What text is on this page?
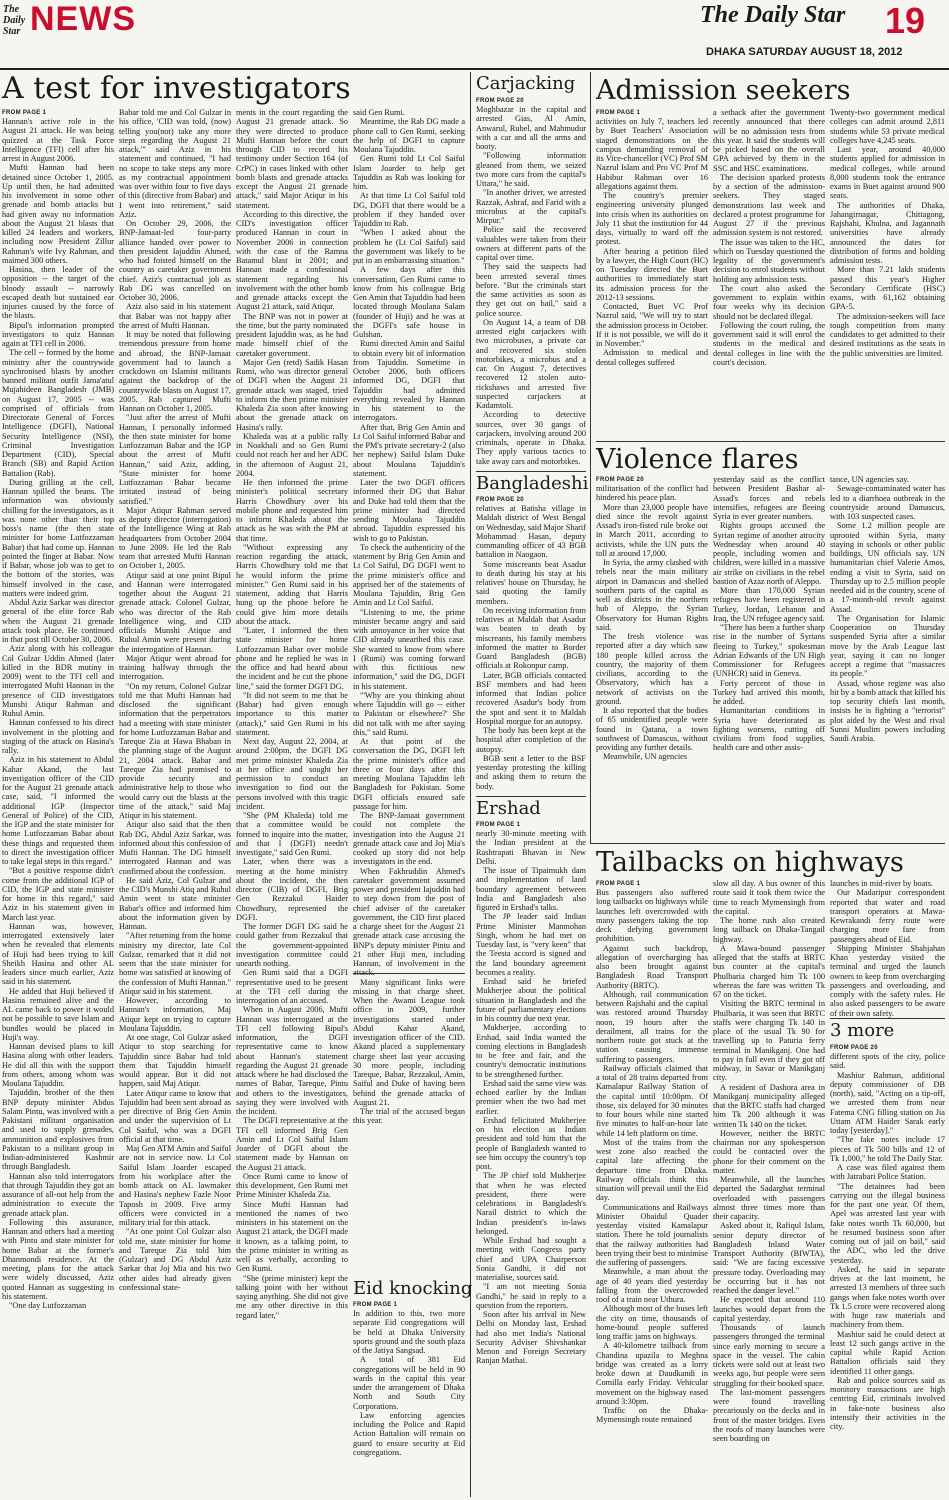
The Daily Star NEWS	The Daily Star
DHAKA SATURDAY AUGUST 18, 2012
19
A test for investigators
FROM PAGE 1

Hannan's active role in the August 21 attack. He was being quizzed at the Task Force Intelligence (TFI) cell after his arrest in August 2006.

Mufti Hannan had been detained since October 1, 2005. Up until then, he had admitted his involvement in some other grenade and bomb attacks but had given away no information about the August 21 blasts that killed 24 leaders and workers, including now President Zillur Rahman's wife Ivy Rahman, and maimed 300 others.

Hasina, then leader of the opposition -- the target of the bloody assault -- narrowly escaped death but sustained ear injuries caused by the force of the blasts.

Bipul's information prompted investigators to quiz Hannan again at TFI cell in 2006.

The cell -- formed by the home ministry after the countrywide synchronised blasts by another banned militant outfit Jama'atul Mujahideen Bangladesh (JMB) on August 17, 2005 -- was comprised of officials from Directorate General of Forces Intelligence (DGFI), National Security Intelligence (NSI), Criminal Investigation Department (CID), Special Branch (SB) and Rapid Action Battalion (Rab).

During grilling at the cell, Hannan spilled the beans. The information was obviously chilling for the investigators, as it was none other than their top boss's name (the then state minister for home Lutfozzaman Babar) that had come up. Hannan pointed the finger at Babar. Now if Babar, whose job was to get to the bottom of the stories, was himself involved in the case, matters were indeed grim.

Abdul Aziz Sarkar was director general of the elite force Rab when the August 21 grenade attack took place. He continued in that post till October 30, 2006.

Aziz along with his colleague Col Gulzar Uddin Ahmed (later killed in the BDR mutiny in 2009) went to the TFI cell and interrogated Mufti Hannan in the presence of CID investigators Munshi Atiqur Rahman and Ruhul Amin.

Hannan confessed to his direct involvement in the plotting and staging of the attack on Hasina's rally.

Aziz in his statement to Abdul Kahar Akand, the last investigation officer of the CID for the August 21 grenade attack case, said, "I informed the additional IGP (Inspector General of Police) of the CID, the IGP and the state minister for home Lutfozzaman Babar about these things and requested them to direct the investigation officer to take legal steps in this regard."

"But a positive response didn't come from the additional IGP of CID, the IGP and state minister for home in this regard," said Aziz in his statement given in March last year.

Hannan was, however, interrogated extensively later when he revealed that elements of Huji had been trying to kill Sheikh Hasina and other AL leaders since much earlier, Aziz said in his statement.

He added that Huji believed if Hasina remained alive and the AL came back to power it would not be possible to save Islam and bundles would be placed in Huji's way.

Hannan devised plans to kill Hasina along with other leaders. He did all this with the support from others, among whom was Moulana Tajuddin.

Tajuddin, brother of the then BNP deputy minister Abdus Salam Pintu, was involved with a Pakistani militant organisation and used to supply grenades, ammunition and explosives from Pakistan to a militant group in Indian-administered Kashmir through Bangladesh.

Hannan also told interrogators that through Tajuddin they got an assurance of all-out help from the administration to execute the grenade attack plan.

Following this assurance, Hannan and others had a meeting with Pintu and state minister for home Babar at the former's Dhanmondi residence. At the meeting, plans for the attack were widely discussed, Aziz quoted Hannan as suggesting in his statement.

"One day Lutfozzaman

Babar told me and Col Gulzar in his office, 'CID was told, (now) telling you(not) take any more steps regarding the August 21 attack,'" said Aziz in his statement and continued, "I had no scope to take steps any more as my contractual appointment was over within four to five days of this (directive from Babar) and I went into retirement," said Aziz.

On October 29, 2006, the BNP-Jamaat-led four-party alliance handed over power to then president Iajuddin Ahmed, who had foisted himself on the country as caretaker government chief. Aziz's contractual job as Rab DG was cancelled on October 30, 2006.

Aziz also said in his statement that Babar was not happy after the arrest of Mufti Hannan.

It may be noted that following tremendous pressure from home and abroad, the BNP-Jamaat government had to launch a crackdown on Islamist militants against the backdrop of the countrywide blasts on August 17, 2005. Rab captured Mufti Hannan on October 1, 2005.

"Just after the arrest of Mufti Hannan, I personally informed the then state minister for home Lutfozzaman Babar and the IGP about the arrest of Mufti Hannan," said Aziz, adding, "State minister for home Lutfozzaman Babar became irritated instead of being satisfied."

Major Atiqur Rahman served as deputy director (interrogation) of the Intelligence Wing at Rab headquarters from October 2004 to June 2009. He led the Rab team that arrested Mufti Hannan on October 1, 2005.

Atiqur said at one point Bipul and Hannan were interrogated together about the August 21 grenade attack. Colonel Gulzar, who was director of the Rab Intelligence wing, and CID officials Munshi Atique and Ruhul Amin were present during the interrogation of Hannan.

Major Atiqur went abroad for training halfway through the interrogation.

"On my return, Colonel Gulzar told me that Mufti Hannan had disclosed the significant information that the perpetrators had a meeting with state minister for home Lutfozzaman Babar and Tareque Zia at Hawa Bhaban in the planning stage of the August 21, 2004 attack. Babar and Tareque Zia had promised to provide security and administrative help to those who would carry out the blasts at the time of the attack," said Maj Atiqur in his statement.

Atiqur also said that the then Rab DG, Abdul Aziz Sarkar, was informed about this confession of Mufti Hannan. The DG himself interrogated Hannan and was confirmed about the confession.

He said Aziz, Col Gulzar and the CID's Munshi Atiq and Ruhul Amin went to state minister Babar's office and informed him about the information given by Hannan.

"After returning from the home ministry my director, late Col Gulzar, remarked that it did not seem that the state minister for home was satisfied at knowing of the confession of Mufti Hannan." Atiqur said in his statement.

However, according to Hannan's information, Maj Atiqur kept on trying to capture Moulana Tajuddin.

At one stage, Col Gulzar asked Atiqur to stop searching for Tajuddin since Babar had told them that Tajuddin himself would appear. But it did not happen, said Maj Atiqur.

Later Atiqur came to know that Tajuddin had been sent abroad as per directive of Brig Gen Amin and under the supervision of Lt Col Saiful, who was a DGFI official at that time.

Maj Gen ATM Amin and Saiful are not in service now. Lt Col Saiful Islam Joarder escaped from his workplace after the bomb attack on AL lawmaker and Hasina's nephew Fazle Noor Taposh in 2009. Five army officers were convicted in a military trial for this attack.

"At one point Col Gulzar also told me, state minister for home and Tareque Zia told him (Gulzar) and DG Abdul Aziz Sarkar that Joj Mia and his two other aides had already given confessional state-

ments in the court regarding the August 21 grenade attack. So they were directed to produce Mufti Hannan before the court through CID to record his testimony under Section 164 (of CrPC) in cases linked with other bomb blasts and grenade attacks except the August 21 grenade attack," said Major Atiqur in his statement.

According to this directive, the CID's investigation officer produced Hannan in court in November 2006 in connection with the case of the Ramna Batamul blast in 2001; and Hannan made a confessional statement regarding his involvement with the other bomb and grenade attacks except the August 21 attack, said Atiqur.

The BNP was not in power at the time, but the party nominated president Iajuddin was, as he had made himself chief of the caretaker government.

Major Gen (retd) Sadik Hasan Rumi, who was director general of DGFI when the August 21 grenade attack was staged, tried to inform the then prime minister Khaleda Zia soon after knowing about the grenade attack on Hasina's rally.

Khaleda was at a public rally in Noakhali and so Gen Rumi could not reach her and her ADC in the afternoon of August 21, 2004.

He then informed the prime minister's political secretary Harris Chowdhury over his mobile phone and requested him to inform Khaleda about the attack as he was with the PM at that time.

"Without expressing any reaction regarding the attack, Harris Chowdhury told me that he would inform the prime minister." Gen Rumi said in his statement, adding that Harris hung up the phone before he could give him more details about the attack.

"Later, I informed the then state minister for home Lutfozzaman Babar over mobile phone and he replied he was in the office and had heard about the incident and he cut the phone line," said the former DGFI DG.

"It did not seem to me that he (Babar) had given enough importance to this matter (attack)," said Gen Rumi in his statement.

Next day, August 22, 2004, at around 2:00pm, the DGFI DG met prime minister Khaleda Zia at her office and sought her permission to conduct an investigation to find out the persons involved with this tragic incident.

"She (PM Khaleda) told me that a committee would be formed to inquire into the matter, and that I (DGFI) needn't investigate," said Gen Rumi.

Later, when there was a meeting at the home ministry about the incident, the then director (CIB) of DGFI, Brig Gen Rezzakul Haider Chowdhury, represented the DGFI.

The former DGFI DG said he could gather from Rezzakul that the government-appointed investigation committee could unearth nothing.

Gen Rumi said that a DGFI representative used to be present at the TFI cell during the interrogation of an accused.

When in August 2006, Mufti Hannan was interrogated at the TFI cell following Bipul's information, the DGFI representative came to know about Hannan's statement regarding the August 21 grenade attack where he had disclosed the names of Babar, Tareque, Pintu and others to the investigators, saying they were involved with the incident.

The DGFI representative at the TFI cell informed Brig Gen Amin and Lt Col Saiful Islam Joarder of DGFI about the statement made by Hannan on the August 21 attack.

Once Rumi came to know of this development, Gen Rumi met Prime Minister Khaleda Zia.

Since Mufti Hannan had mentioned the names of two ministers in his statement on the August 21 attack, the DGFI made it known, as a talking point, to the prime minister in writing as well as verbally, according to Gen Rumi.

"She (prime minister) kept the talking point with her without saying anything. She did not give me any other directive in this regard later,"

said Gen Rumi.

Meantime, the Rab DG made a phone call to Gen Rumi, seeking the help of DGFI to capture Moulana Tajuddin.

Gen Rumi told Lt Col Saiful Islam Joarder to help get Tajuddin as Rab was looking for him.

At that time Lt Col Saiful told DG, DGFI that there would be a problem if they handed over Tajuddin to Rab.

"When I asked about the problem he (Lt Col Saiful) said the government was likely to be put in an embarrassing situation."

A few days after this conversation, Gen Rumi came to know from his colleague Brig Gen Amin that Tajuddin had been located through Moulana Salam (founder of Huji) and he was at the DGFI's safe house in Gulshan.

Rumi directed Amin and Saiful to obtain every bit of information from Tajuddin. Sometime in October 2006, both officers informed DG, DGFI that Tajuddin had admitted everything revealed by Hannan in his statement to the interrogators.

After that, Brig Gen Amin and Lt Col Saiful informed Babar and the PM's private secretary-2 (also her nephew) Saiful Islam Duke about Moulana Tajuddin's statement.

Later the two DGFI officers informed their DG that Babar and Duke had told them that the prime minister had directed sending Moulana Tajuddin abroad. Tajuddin expressed his wish to go to Pakistan.

To check the authenticity of the statement by Brig Gen Amin and Lt Col Saiful, DG DGFI went to the prime minister's office and apprised her of the statements of Moulana Tajuddin, Brig Gen Amin and Lt Col Saiful.

"Listening to me, the prime minister became angry and said with annoyance in her voice that CID already unearthed this case. She wanted to know from where I (Rumi) was coming forward with this fictitious new information," said the DG, DGFI in his statement.

"'Why are you thinking about where Tajuddin will go -- either to Pakistan or elsewhere?' She did not talk with me after saying this," said Rumi.

At that point of the conversation the DG, DGFI left the prime minister's office and three or four days after this meeting Moulana Tajuddin left Bangladesh for Pakistan. Some DGFI officials ensured safe passage for him.

The BNP-Jamaat government could not complete the investigation into the August 21 grenade attack case and Joj Mia's cooked up story did not help investigators in the end.

When Fakhruddin Ahmed's caretaker government assumed power and president Iajuddin had to step down from the post of chief adviser of the caretaker government, the CID first placed a charge sheet for the August 21 grenade attack case accusing the BNP's deputy minister Pintu and 21 other Huji men, including Hannan, of involvement in the

Many significant links were missing in that charge sheet. When the Awami League took office in 2009, further investigations started under Abdul Kahar Akand, investigation officer of the CID. Akand placed a supplementary charge sheet last year accusing 30 more people, including Tareque, Babar, Rezzakul, Amin, Saiful and Duke of having been behind the grenade attacks of August 21.

The trial of the accused began this year.

Carjacking
FROM PAGE 20

Moghbazar in the capital and arrested Gias, Al Amin, Anwarul, Rubel, and Mahmudur with a car and all the arms and booty.

"Following information gleaned from them, we seized two more cars from the capital's Uttara," he said.

"In another driver, we arrested Razzak, Ashraf, and Farid with a microbus at the capital's Mirpur."

Police said the recovered valuables were taken from their owners at different parts of the capital over time.

They said the suspects had been arrested several times before. "But the criminals start the same activities as soon as they get out on bail," said a police source.

On August 14, a team of DB arrested eight carjackers with two microbuses, a private car and recovered six stolen motorbikes, a microbus and a car. On August 7, detectives recovered 12 stolen auto-rickshaws and arrested five suspected carjackers at Kadamtoli.

According to detective sources, over 30 gangs of carjackers, involving around 200 criminals, operate in Dhaka. They apply various tactics to take away cars and motorbikes.

Bangladeshi
FROM PAGE 20

relatives at Batisha village in Maldah district of West Bengal on Wednesday, said Major Sharif Mohammad Hasan, deputy commanding officer of 43 BGB battalion in Naogaon.

Some miscreants beat Asadur to death during his stay at his relatives' house on Thursday, he said quoting the family members.

On receiving information from relatives at Maldah that Asadur was beaten to death by miscreants, his family members informed the matter to Border Guard Bangladesh (BGB) officials at Rokonpur camp.

Later, BGB officials contacted BSF members and had been informed that Indian police recovered Asadur's body from the spot and sent it to Maldah Hospital morgue for an autopsy.

The body has been kept at the hospital after completion of the autopsy.

BGB sent a letter to the BSF yesterday protesting the killing and asking them to return the body.

Ershad
FROM PAGE 1

nearly 30-minute meeting with the Indian president at the Rashtrapati Bhavan in New Delhi.

The issue of Tipaimukh dam and implementation of land boundary agreement between India and Bangladesh also figured in Ershad's talks.

The JP leader said Indian Prime Minister Manmohan Singh, whom he had met on Tuesday last, is "very keen" that the Teesta accord is signed and the land boundary agreement becomes a reality.

Ershad said he briefed Mukherjee about the political situation in Bangladesh and the future of parliamentary elections in his country due next year.

Mukherjee, according to Ershad, said India wanted the coming elections in Bangladesh to be free and fair, and the country's democratic institutions to be strengthened further.

Ershad said the same view was echoed earlier by the Indian premier when the two had met earlier.

Ershad felicitated Mukherjee on his election as Indian president and told him that the people of Bangladesh wanted to see him occupy the country's top post.

The JP chief told Mukherjee that when he was elected president, there were celebrations in Bangladesh's Narail district to which the Indian president's in-laws belonged.

While Ershad had sought a meeting with Congress party chief and UPA Chairperson Sonia Gandhi, it did not materialise, sources said.

"I am not meeting Sonia Gandhi," he said in reply to a question from the reporters.

Soon after his arrival in New Delhi on Monday last, Ershad had also met India's National Security Adviser Shivshankar Menon and Foreign Secretary Ranjan Mathai.

Eid knocking
FROM PAGE 1

In addition to this, two more separate Eid congregations will be held at Dhaka University sports ground and the south plaza of the Jatiya Sangsad.

A total of 381 Eid congregations will be held in 90 wards in the capital this year under the arrangement of Dhaka North and South City Corporations.

Law enforcing agencies including the Police and Rapid Action Battalion will remain on guard to ensure security at Eid congregations.

Admission seekers
FROM PAGE 1

activities on July 7, teachers led by Buet Teachers' Association staged demonstrations on the campus demanding removal of its Vice-chancellor (VC) Prof SM Nazrul Islam and Pro VC Prof M Habibur Rahman over 16 allegations against them.

The country's premier engineering university plunged into crisis when its authorities on July 11 shut the institution for 44 days, virtually to ward off the protest.

After hearing a petition filed by a lawyer, the High Court (HC) on Tuesday directed the Buet authorities to immediately start its admission process for the 2012-13 sessions.

Contacted, Buet VC Prof Nazrul said, "We will try to start the admission process in October. If it is not possible, we will do it in November."

Admission to medical and dental colleges suffered

a setback after the government recently announced that there will be no admission tests from this year. It said the students will be picked based on the overall GPA achieved by them in the SSC and HSC examinations.

The decision sparked protests by a section of the admission-seekers. They staged demonstrations last week and declared a protest programme for August 27 if the previous admission system is not restored.

The issue was taken to the HC, which on Tuesday questioned the legality of the government's decision to enrol students without holding any admission tests.

The court also asked the government to explain within four weeks why its decision should not be declared illegal.

Following the court ruling, the government said it will enrol the students in the medical and dental colleges in line with the court's decision.

Twenty-two government medical colleges can admit around 2,811 students while 53 private medical colleges have 4,245 seats.

Last year, around 40,000 students applied for admission in medical colleges, while around 8,000 students took the entrance exams in Buet against around 900 seats.

The authorities of Dhaka, Jahangirnagar, Chittagong, Rajshahi, Khulna, and Jagannath universities have already announced the dates for distribution of forms and holding admission tests.

More than 7.21 lakh students passed this year's Higher Secondary Certificate (HSC) exams, with 61,162 obtaining GPA-5.

The admission-seekers will face tough competition from many candidates to get admitted to their desired institutions as the seats in the public universities are limited.

Violence flares
FROM PAGE 20

militarisation of the conflict had hindered his peace plan.

More than 23,000 people have died since the revolt against Assad's iron-fisted rule broke out in March 2011, according to activists, while the UN puts the toll at around 17,000.

In Syria, the army clashed with rebels near the main military airport in Damascus and shelled southern parts of the capital as well as districts in the northern hub of Aleppo, the Syrian Observatory for Human Rights said.

The fresh violence was reported after a day which saw 180 people killed across the country, the majority of them civilians, according to the Observatory, which has a network of activists on the ground.

It also reported that the bodies of 65 unidentified people were found in Qatana, a town southwest of Damascus, without providing any further details.

Meanwhile, UN agencies

yesterday said as the conflict between President Bashar al-Assad's forces and rebels intensifies, refugees are fleeing Syria in ever greater numbers.

Rights groups accused the Syrian regime of another atrocity Wednesday when around 40 people, including women and children, were killed in a massive air strike on civilians in the rebel bastion of Azaz north of Aleppo.

More than 170,000 Syrian refugees have been registered in Turkey, Jordan, Lebanon and Iraq, the UN refugee agency said.

"There has been a further sharp rise in the number of Syrians fleeing to Turkey," spokesman Adrian Edwards of the UN High Commissioner for Refugees (UNHCR) said in Geneva.

Forty percent of those in Turkey had arrived this month, he added.

Humanitarian conditions in Syria have deteriorated as fighting worsens, cutting off civilians from food supplies, health care and other assis-

tance, UN agencies say.

Sewage-contaminated water has led to a diarrhoea outbreak in the countryside around Damascus, with 103 suspected cases.

Some 1.2 million people are uprooted within Syria, many staying in schools or other public buildings, UN officials say. UN humanitarian chief Valerie Amos, ending a visit to Syria, said on Thursday up to 2.5 million people needed aid in the country, scene of a 17-month-old revolt against Assad.

The Organisation for Islamic Cooperation on Thursday suspended Syria after a similar move by the Arab League last year, saying it can no longer accept a regime that "massacres its people."

Assad, whose regime was also hit by a bomb attack that killed his top security chiefs last month, insists he is fighting a "terrorist" plot aided by the West and rival Sunni Muslim powers including Saudi Arabia.

Tailbacks on highways
FROM PAGE 1

Bus passengers also suffered long tailbacks on highways while launches left overcrowded with many passengers taking the top deck defying government prohibition.

Against such backdrop, allegation of overcharging has also been brought against Bangladesh Road Transport Authority (BRTC).

Although, rail communication between Rajshahi and the capital was restored around Thursday noon, 19 hours after the derailment, all trains for the northern route got stuck at the station causing immense suffering to passengers.

Railway officials claimed that a total of 28 trains departed from Kamalapur Railway Station of the capital until 10:00pm. Of those, six delayed for 30 minutes to four hours while nine started five minutes to half-an-hour late while 14 left platform on time.

Most of the trains from the west zone also reached the capital late affecting the departure time from Dhaka. Railway officials think this situation will prevail until the Eid day.

Communications and Railways Minister Obaidul Quader yesterday visited Kamalapur station. There he told journalists that the railway authorities had been trying their best to minimise the suffering of passengers.

Meanwhile, a man about the age of 40 years died yesterday falling from the overcrowded roof of a train near Uthura.

Although most of the buses left the city on time, thousands of home-bound people suffered long traffic jams on highways.

A 40-kilometre tailback from Chandina upazila to Meghna bridge was created as a lorry broke down at Daudkandi in Comilla early Friday. Vehicular movement on the highway eased around 3:30pm.

Traffic on the Dhaka-Mymensingh route remained

slow all day. A bus owner of this route said it took them twice the time to reach Mymensingh from the capital.

The home rush also created long tailback on Dhaka-Tangail highway.

A Mawa-bound passenger alleged that the staffs at BRTC bus counter at the capital's Phulbaria charged him Tk 100 whereas the fare was written Tk 67 on the ticket.

Visiting the BRTC terminal in Phulbaria, it was seen that BRTC staffs were charging Tk 140 in place of the usual Tk 90 for travelling up to Paturia ferry terminal in Manikganj. One had to pay in full even if they got off midway, in Savar or Manikganj city.

A resident of Dashora area in Manikganj municipality alleged that the BRTC staffs had charged him Tk 200 although it was written Tk 140 on the ticket.

However, neither the BRTC chairman nor any spokesperson could be contacted over the phone for their comment on the matter.

Meanwhile, all the launches departed the Sadarghat terminal overloaded with passengers almost three times more than their capacity.

Asked about it, Rafiqul Islam, senior deputy director of Bangladesh Inland Water Transport Authority (BIWTA), said: "We are facing excessive pressure today. Overloading may be occurring but it has not reached the danger level."

He expected that around 110 launches would depart from the capital yesterday.

Thousands of launch passengers thronged the terminal since early morning to secure a space in the vessel. The cabin tickets were sold out at least two weeks ago, but people were seen struggling for their booked space.

The last-moment passengers were found travelling precariously on the decks and in front of the master bridges. Even the roofs of many launches were seen boarding on

launches in mid-river by boats.

Our Madaripur correspondent reported that water and road transport operators at Mawa-Kewrakandi ferry route were charging more fare from passengers ahead of Eid.

Shipping Minister Shahjahan Khan yesterday visited the terminal and urged the launch owners to keep from overcharging passengers and overloading, and comply with the safety rules. He also asked passengers to be aware of their own safety.

3 more
FROM PAGE 20

different spots of the city, police said.

Mashiur Rahman, additional deputy commissioner of DB (north), said, "Acting on a tip-off, we arrested them from near Fatema CNG filling station on Jia Uttam ATM Haider Sarak early today [yesterday]."

"The fake notes include 17 pieces of Tk 500 bills and 12 of Tk 1,000," he told The Daily Star.

A case was filed against them with Jatrabari Police Station.

"The detainees had been carrying out the illegal business for the past one year. Of them, Apel was arrested last year with fake notes worth Tk 60,000, but he resumed business soon after coming out of jail on bail," said the ADC, who led the drive yesterday.

Asked, he said in separate drives at the last moment, he arrested 13 members of three such gangs when fake notes worth over Tk 1.5 crore were recovered along with huge raw materials and machinery from them.

Mashiur said he could detect at least 12 such gangs active in the capital while Rapid Action Battalion officials said they identified 11 other gangs.

Rab and police sources said as monitory transactions are high centring Eid, criminals involved in fake-note business also intensify their activities in the city.
